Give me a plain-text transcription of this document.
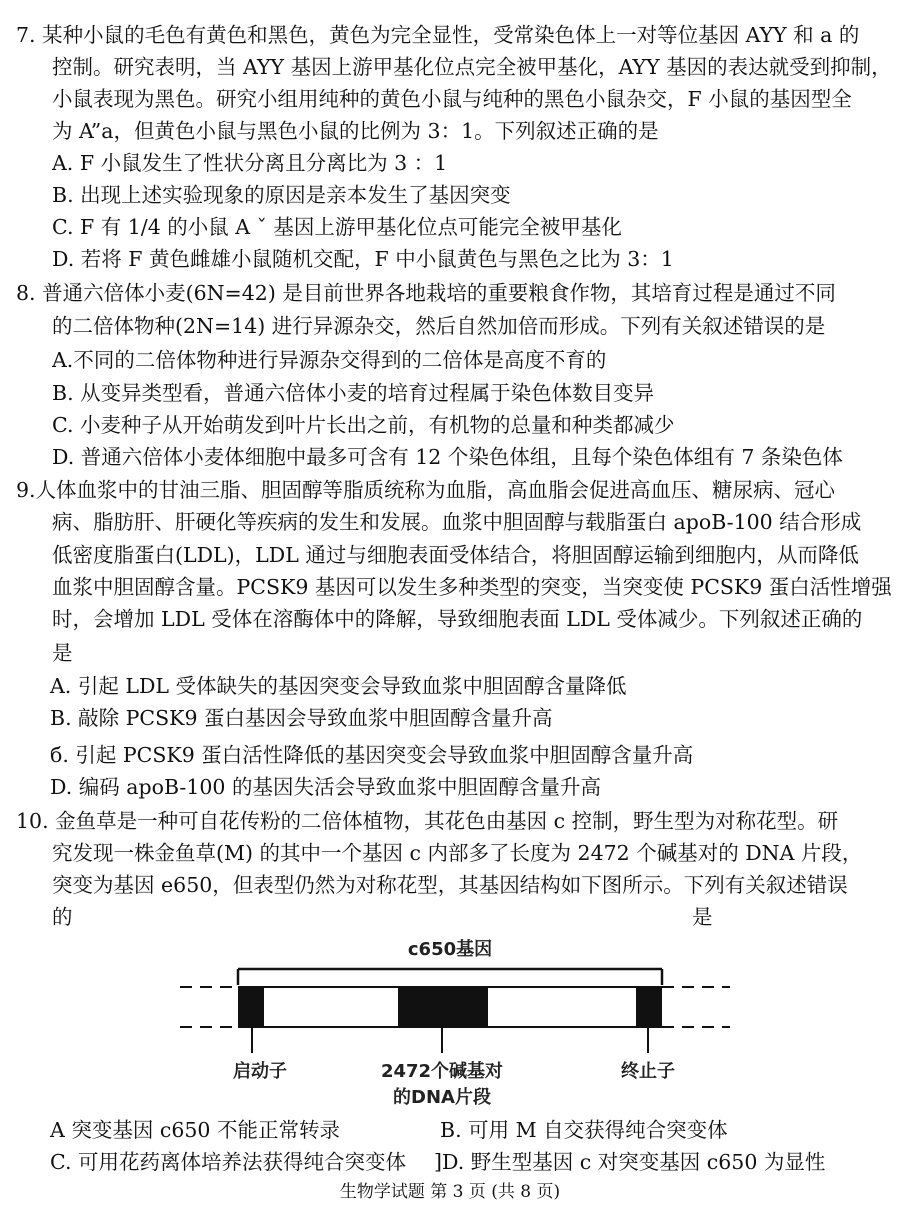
7. 某种小鼠的毛色有黄色和黑色，黄色为完全显性，受常染色体上一对等位基因 AYY 和 a 的
控制。研究表明，当 AYY 基因上游甲基化位点完全被甲基化，AYY 基因的表达就受到抑制，
小鼠表现为黑色。研究小组用纯种的黄色小鼠与纯种的黑色小鼠杂交，F 小鼠的基因型全
为 A”a，但黄色小鼠与黑色小鼠的比例为 3：1。下列叙述正确的是
A. F 小鼠发生了性状分离且分离比为 3 ：1
B. 出现上述实验现象的原因是亲本发生了基因突变
C. F 有 1/4 的小鼠 A ˇ 基因上游甲基化位点可能完全被甲基化
D. 若将 F 黄色雌雄小鼠随机交配，F 中小鼠黄色与黑色之比为 3：1
8. 普通六倍体小麦(6N=42) 是目前世界各地栽培的重要粮食作物，其培育过程是通过不同
的二倍体物种(2N=14) 进行异源杂交，然后自然加倍而形成。下列有关叙述错误的是
A.不同的二倍体物种进行异源杂交得到的二倍体是高度不育的
B. 从变异类型看，普通六倍体小麦的培育过程属于染色体数目变异
C. 小麦种子从开始萌发到叶片长出之前，有机物的总量和种类都减少
D. 普通六倍体小麦体细胞中最多可含有 12 个染色体组，且每个染色体组有 7 条染色体
9.人体血浆中的甘油三脂、胆固醇等脂质统称为血脂，高血脂会促进高血压、糖尿病、冠心
病、脂肪肝、肝硬化等疾病的发生和发展。血浆中胆固醇与载脂蛋白 apoB-100 结合形成
低密度脂蛋白(LDL)，LDL 通过与细胞表面受体结合，将胆固醇运输到细胞内，从而降低
血浆中胆固醇含量。PCSK9 基因可以发生多种类型的突变，当突变使 PCSK9 蛋白活性增强
时，会增加 LDL 受体在溶酶体中的降解，导致细胞表面 LDL 受体减少。下列叙述正确的
是
A. 引起 LDL 受体缺失的基因突变会导致血浆中胆固醇含量降低
B. 敲除 PCSK9 蛋白基因会导致血浆中胆固醇含量升高
б. 引起 PCSK9 蛋白活性降低的基因突变会导致血浆中胆固醇含量升高
D. 编码 apoB-100 的基因失活会导致血浆中胆固醇含量升高
10. 金鱼草是一种可自花传粉的二倍体植物，其花色由基因 c 控制，野生型为对称花型。研
究发现一株金鱼草(M) 的其中一个基因 c 内部多了长度为 2472 个碱基对的 DNA 片段，
突变为基因 e650，但表型仍然为对称花型，其基因结构如下图所示。下列有关叙述错误
的	是
c650基因
启动子	2472个碱基对
的DNA片段
终止子
A 突变基因 c650 不能正常转录	B. 可用 M 自交获得纯合突变体
C. 可用花药离体培养法获得纯合突变体 ]D. 野生型基因 c 对突变基因 c650 为显性
生物学试题 第 3 页 (共 8 页)
